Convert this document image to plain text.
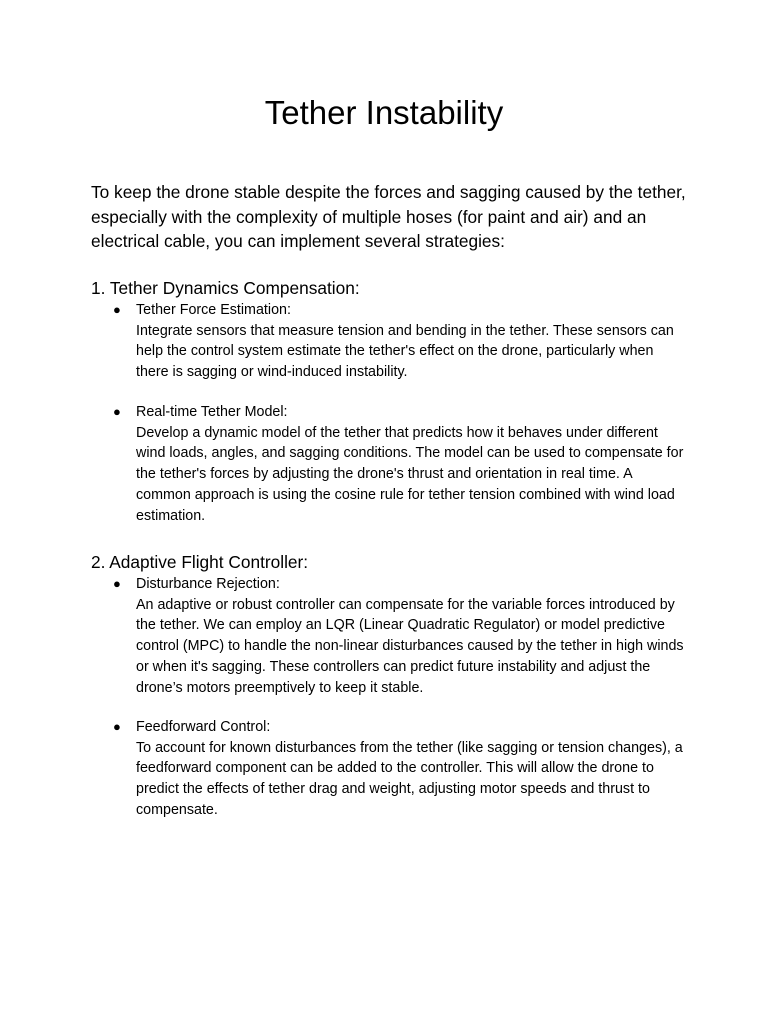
Tether Instability

To keep the drone stable despite the forces and sagging caused by the tether, especially with the complexity of multiple hoses (for paint and air) and an electrical cable, you can implement several strategies:

1. Tether Dynamics Compensation:
● Tether Force Estimation:
Integrate sensors that measure tension and bending in the tether. These sensors can help the control system estimate the tether's effect on the drone, particularly when there is sagging or wind-induced instability.
● Real-time Tether Model:
Develop a dynamic model of the tether that predicts how it behaves under different wind loads, angles, and sagging conditions. The model can be used to compensate for the tether's forces by adjusting the drone's thrust and orientation in real time. A common approach is using the cosine rule for tether tension combined with wind load estimation.
2. Adaptive Flight Controller:
● Disturbance Rejection:
An adaptive or robust controller can compensate for the variable forces introduced by the tether. We can employ an LQR (Linear Quadratic Regulator) or model predictive control (MPC) to handle the non-linear disturbances caused by the tether in high winds or when it's sagging. These controllers can predict future instability and adjust the drone’s motors preemptively to keep it stable.
● Feedforward Control:
To account for known disturbances from the tether (like sagging or tension changes), a feedforward component can be added to the controller. This will allow the drone to predict the effects of tether drag and weight, adjusting motor speeds and thrust to compensate.
